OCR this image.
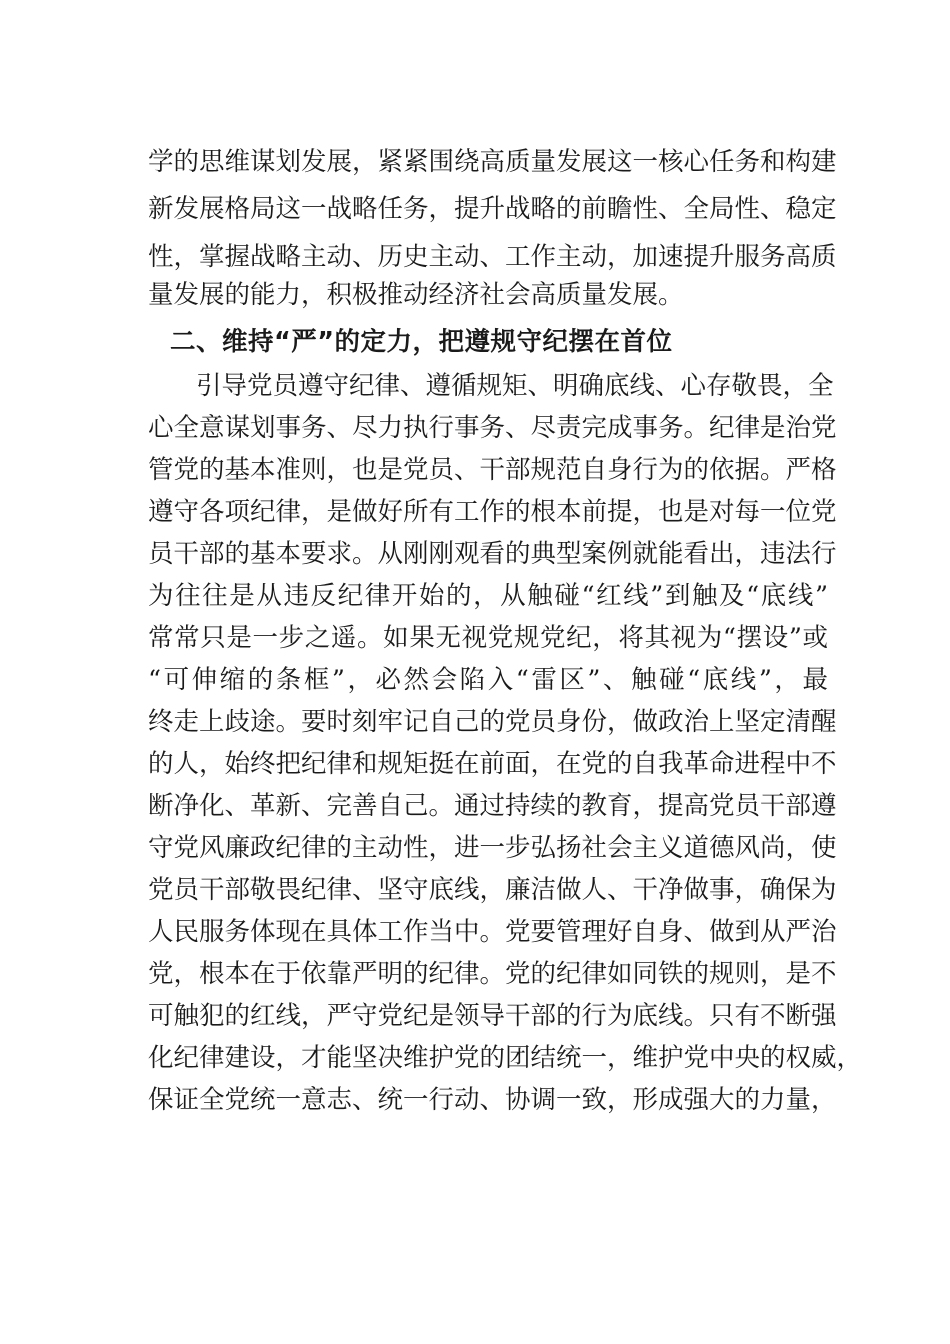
学的思维谋划发展，紧紧围绕高质量发展这一核心任务和构建
新发展格局这一战略任务，提升战略的前瞻性、全局性、稳定
性，掌握战略主动、历史主动、工作主动，加速提升服务高质
量发展的能力，积极推动经济社会高质量发展。
二、维持“严”的定力，把遵规守纪摆在首位
引导党员遵守纪律、遵循规矩、明确底线、心存敬畏，全
心全意谋划事务、尽力执行事务、尽责完成事务。纪律是治党
管党的基本准则，也是党员、干部规范自身行为的依据。严格
遵守各项纪律，是做好所有工作的根本前提，也是对每一位党
员干部的基本要求。从刚刚观看的典型案例就能看出，违法行
为往往是从违反纪律开始的，从触碰“红线”到触及“底线”
常常只是一步之遥。如果无视党规党纪，将其视为“摆设”或
“可伸缩的条框”，必然会陷入“雷区”、触碰“底线”，最
终走上歧途。要时刻牢记自己的党员身份，做政治上坚定清醒
的人，始终把纪律和规矩挺在前面，在党的自我革命进程中不
断净化、革新、完善自己。通过持续的教育，提高党员干部遵
守党风廉政纪律的主动性，进一步弘扬社会主义道德风尚，使
党员干部敬畏纪律、坚守底线，廉洁做人、干净做事，确保为
人民服务体现在具体工作当中。党要管理好自身、做到从严治
党，根本在于依靠严明的纪律。党的纪律如同铁的规则，是不
可触犯的红线，严守党纪是领导干部的行为底线。只有不断强
化纪律建设，才能坚决维护党的团结统一，维护党中央的权威，
保证全党统一意志、统一行动、协调一致，形成强大的力量，
